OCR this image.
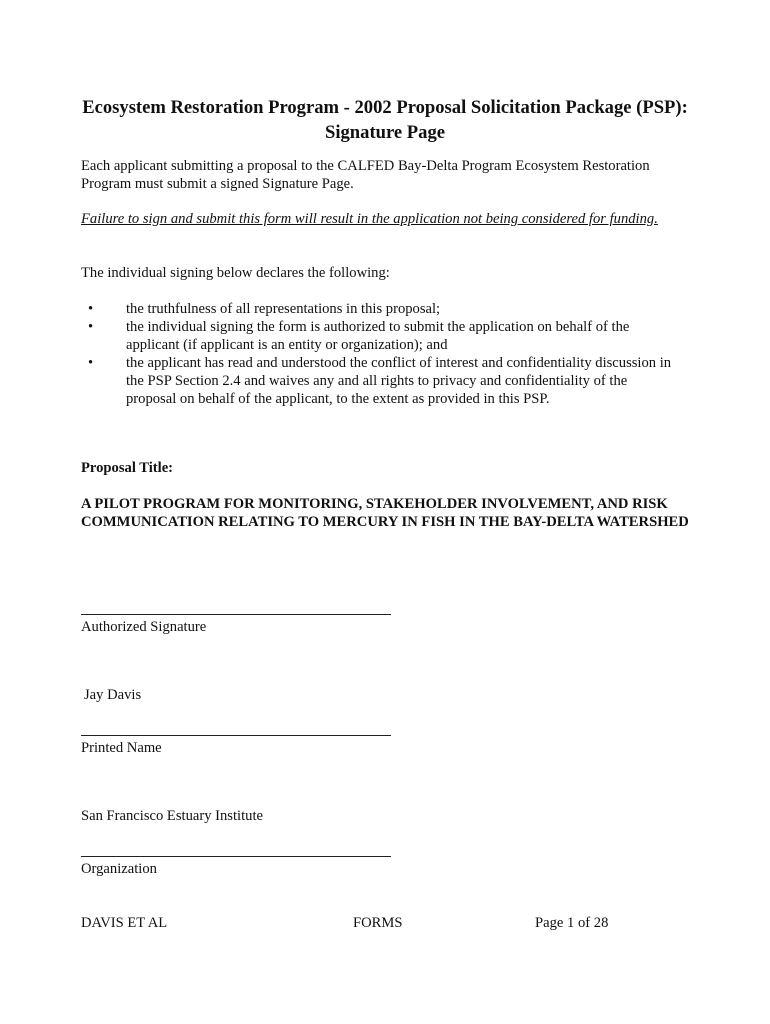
Ecosystem Restoration Program - 2002 Proposal Solicitation Package (PSP):
Signature Page
Each applicant submitting a proposal to the CALFED Bay-Delta Program Ecosystem Restoration Program must submit a signed Signature Page.
Failure to sign and submit this form will result in the application not being considered for funding.
The individual signing below declares the following:
• the truthfulness of all representations in this proposal;
• the individual signing the form is authorized to submit the application on behalf of the applicant (if applicant is an entity or organization); and
• the applicant has read and understood the conflict of interest and confidentiality discussion in the PSP Section 2.4 and waives any and all rights to privacy and confidentiality of the proposal on behalf of the applicant, to the extent as provided in this PSP.
Proposal Title:
A PILOT PROGRAM FOR MONITORING, STAKEHOLDER INVOLVEMENT, AND RISK COMMUNICATION RELATING TO MERCURY IN FISH IN THE BAY-DELTA WATERSHED
Authorized Signature
Jay Davis
Printed Name
San Francisco Estuary Institute
Organization
DAVIS ET AL	FORMS	Page 1 of 28
